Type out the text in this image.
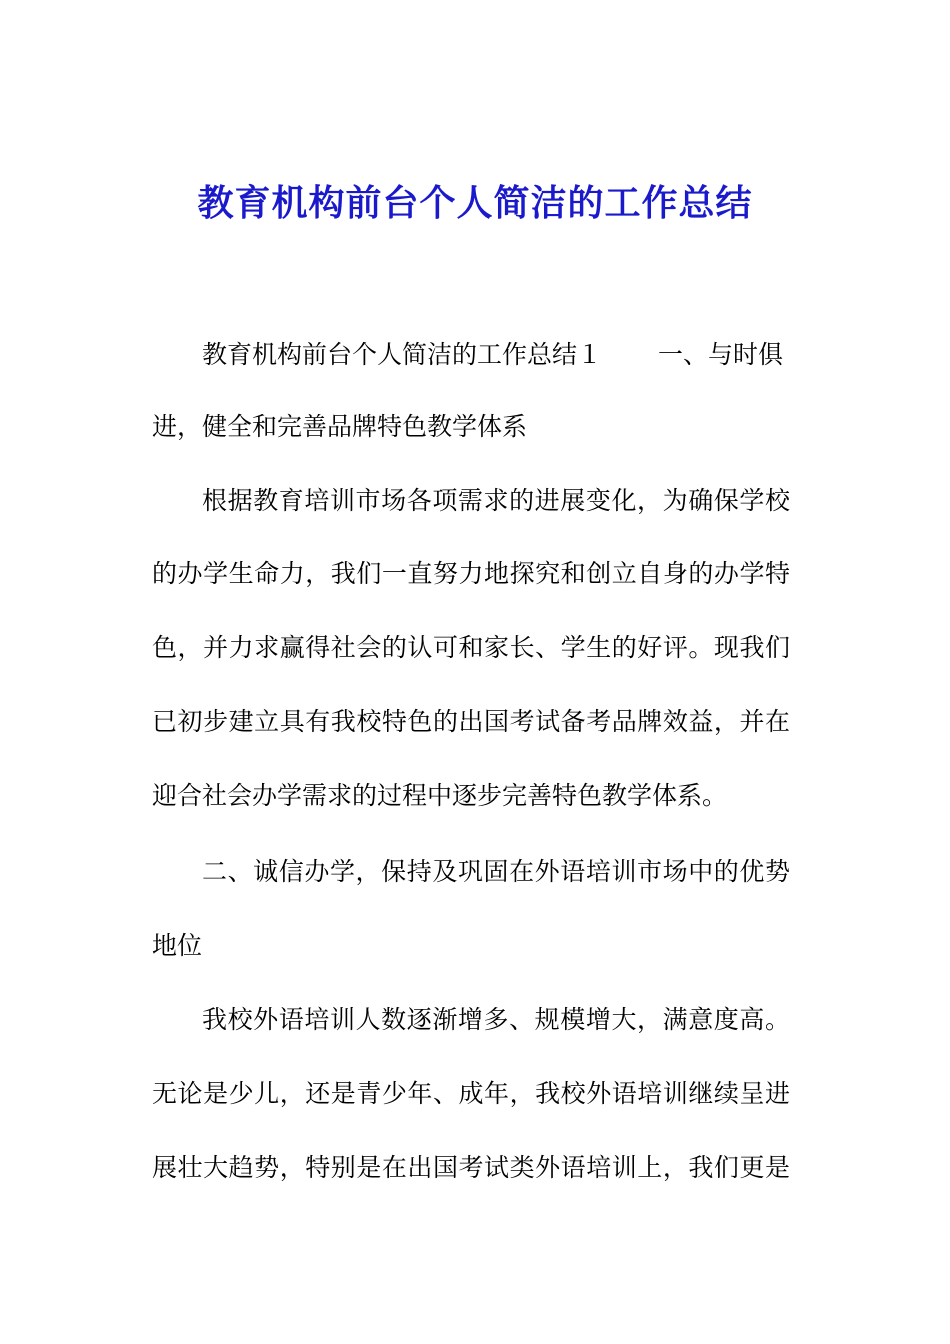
教育机构前台个人简洁的工作总结

教育机构前台个人简洁的工作总结１ 一、与时俱

进，健全和完善品牌特色教学体系

根据教育培训市场各项需求的进展变化，为确保学校

的办学生命力，我们一直努力地探究和创立自身的办学特

色，并力求赢得社会的认可和家长、学生的好评。现我们

已初步建立具有我校特色的出国考试备考品牌效益，并在

迎合社会办学需求的过程中逐步完善特色教学体系。

二、诚信办学，保持及巩固在外语培训市场中的优势

地位

我校外语培训人数逐渐增多、规模增大，满意度高。

无论是少儿，还是青少年、成年，我校外语培训继续呈进

展壮大趋势，特别是在出国考试类外语培训上，我们更是
